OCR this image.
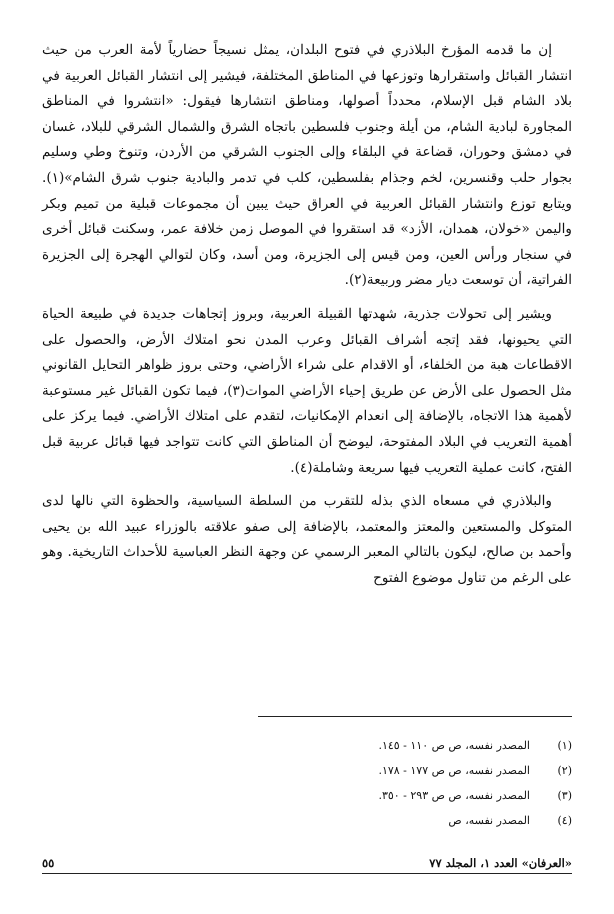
إن ما قدمه المؤرخ البلاذري في فتوح البلدان، يمثل نسيجاً حضارياً لأمة العرب من حيث انتشار القبائل واستقرارها وتوزعها في المناطق المختلفة، فيشير إلى انتشار القبائل العربية في بلاد الشام قبل الإسلام، محدداً أصولها، ومناطق انتشارها فيقول: «انتشروا في المناطق المجاورة لبادية الشام، من أيلة وجنوب فلسطين باتجاه الشرق والشمال الشرقي للبلاد، غسان في دمشق وحوران، قضاعة في البلقاء وإلى الجنوب الشرقي من الأردن، وتنوخ وطي وسليم بجوار حلب وقنسرين، لخم وجذام بفلسطين، كلب في تدمر والبادية جنوب شرق الشام»(١). ويتابع توزع وانتشار القبائل العربية في العراق حيث يبين أن مجموعات قبلية من تميم وبكر واليمن «خولان، همدان، الأزد» قد استقروا في الموصل زمن خلافة عمر، وسكنت قبائل أخرى في سنجار ورأس العين، ومن قيس إلى الجزيرة، ومن أسد، وكان لتوالي الهجرة إلى الجزيرة الفراتية، أن توسعت ديار مضر وربيعة(٢).

ويشير إلى تحولات جذرية، شهدتها القبيلة العربية، وبروز إتجاهات جديدة في طبيعة الحياة التي يحيونها، فقد إتجه أشراف القبائل وعرب المدن نحو امتلاك الأرض، والحصول على الاقطاعات هبة من الخلفاء، أو الاقدام على شراء الأراضي، وحتى بروز ظواهر التحايل القانوني مثل الحصول على الأرض عن طريق إحياء الأراضي الموات(٣)، فيما تكون القبائل غير مستوعبة لأهمية هذا الاتجاه، بالإضافة إلى انعدام الإمكانيات، لتقدم على امتلاك الأراضي. فيما يركز على أهمية التعريب في البلاد المفتوحة، ليوضح أن المناطق التي كانت تتواجد فيها قبائل عربية قبل الفتح، كانت عملية التعريب فيها سريعة وشاملة(٤).

والبلاذري في مسعاه الذي بذله للتقرب من السلطة السياسية، والحظوة التي نالها لدى المتوكل والمستعين والمعتز والمعتمد، بالإضافة إلى صفو علاقته بالوزراء عبيد الله بن يحيى وأحمد بن صالح، ليكون بالتالي المعبر الرسمي عن وجهة النظر العباسية للأحداث التاريخية. وهو على الرغم من تناول موضوع الفتوح

(١)
المصدر نفسه، ص ص ١١٠ - ١٤٥.
(٢)
المصدر نفسه، ص ص ١٧٧ - ١٧٨.
(٣)
المصدر نفسه، ص ص ٢٩٣ - ٣٥٠.
(٤)
المصدر نفسه، ص
«العرفان» العدد ١، المجلد ٧٧
٥٥
